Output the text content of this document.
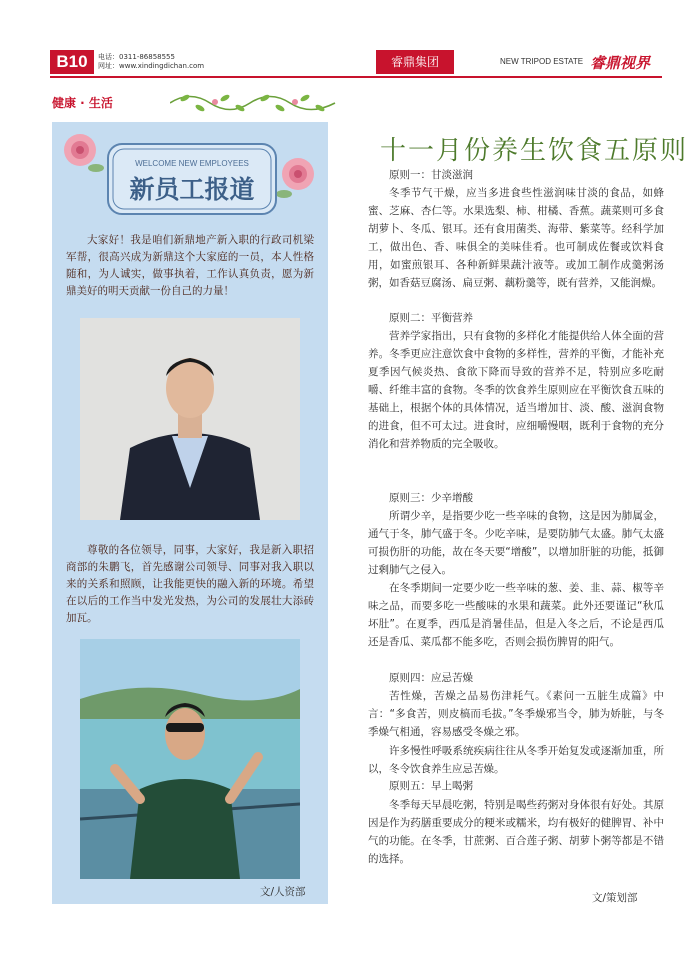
B10	电话：0311-86858555
网址：www.xindingdichan.com	睿鼎集团	NEW TRIPOD ESTATE 睿鼎视界
健康 · 生活
WELCOME NEW EMPLOYEES
新员工报道
大家好！我是咱们新鼎地产新入职的行政司机梁军帮，很高兴成为新鼎这个大家庭的一员，本人性格随和，为人诚实，做事执着，工作认真负责，愿为新鼎美好的明天贡献一份自己的力量！
尊敬的各位领导，同事，大家好，我是新入职招商部的朱鹏飞，首先感谢公司领导、同事对我入职以来的关系和照顾，让我能更快的融入新的环境。希望在以后的工作当中发光发热，为公司的发展壮大添砖加瓦。
文/人资部
十一月份养生饮食五原则
原则一：甘淡滋润
冬季节气干燥，应当多进食些性滋润味甘淡的食品，如蜂蜜、芝麻、杏仁等。水果选梨、柿、柑橘、香蕉。蔬菜则可多食胡萝卜、冬瓜、银耳。还有食用菌类、海带、紫菜等。经科学加工，做出色、香、味俱全的美味佳肴。也可制成佐餐或饮料食用，如蜜煎银耳、各种新鲜果蔬汁液等。或加工制作成羹粥汤粥，如香菇豆腐汤、扁豆粥、藕粉羹等，既有营养，又能润燥。
原则二：平衡营养
营养学家指出，只有食物的多样化才能提供给人体全面的营养。冬季更应注意饮食中食物的多样性，营养的平衡，才能补充夏季因气候炎热、食欲下降而导致的营养不足，特别应多吃耐嚼、纤维丰富的食物。冬季的饮食养生原则应在平衡饮食五味的基础上，根据个体的具体情况，适当增加甘、淡、酸、滋润食物的进食，但不可太过。进食时，应细嚼慢咽，既利于食物的充分消化和营养物质的完全吸收。
原则三：少辛增酸
所谓少辛，是指要少吃一些辛味的食物，这是因为肺属金，通气于冬，肺气盛于冬。少吃辛味，是要防肺气太盛。肺气太盛可损伤肝的功能，故在冬天要“增酸”，以增加肝脏的功能，抵御过剩肺气之侵入。
在冬季期间一定要少吃一些辛味的葱、姜、韭、蒜、椒等辛味之品，而要多吃一些酸味的水果和蔬菜。此外还要谨记“秋瓜坏肚”。在夏季，西瓜是消暑佳品，但是入冬之后，不论是西瓜还是香瓜、菜瓜都不能多吃，否则会损伤脾胃的阳气。
原则四：应忌苦燥
苦性燥，苦燥之品易伤津耗气。《素问一五脏生成篇》中言：“多食苦，则皮槁而毛拔。”冬季燥邪当令，肺为娇脏，与冬季燥气相通，容易感受冬燥之邪。
许多慢性呼吸系统疾病往往从冬季开始复发或逐渐加重，所以，冬令饮食养生应忌苦燥。
原则五：早上喝粥
冬季每天早晨吃粥，特别是喝些药粥对身体很有好处。其原因是作为药膳重要成分的粳米或糯米，均有极好的健脾胃、补中气的功能。在冬季，甘蔗粥、百合莲子粥、胡萝卜粥等都是不错的选择。
文/策划部
